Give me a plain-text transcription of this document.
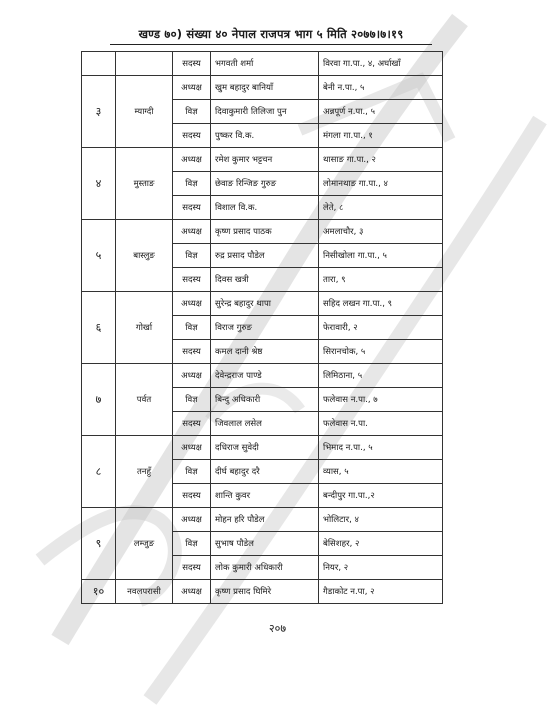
खण्ड ७०) संख्या ४० नेपाल राजपत्र भाग ५ मिति २०७७।७।१९
		सदस्य	भगवती शर्मा	विरवा गा.पा., ४, अर्घाखाँ
३	म्याग्दी	अध्यक्ष	खुम बहादुर बानियाँ	बेनी न.पा., ५
		विज्ञ	दिवाकुमारी तिलिजा पुन	अन्नपूर्ण न.पा., ५
		सदस्य	पुष्कर वि.क.	मंगला गा.पा., १
४	मुस्ताङ	अध्यक्ष	रमेश कुमार भट्टचन	थासाङ गा.पा., २
		विज्ञ	छेवाङ रिन्जिङ गुरुङ	लोमानथाङ गा.पा., ४
		सदस्य	विशाल वि.क.	लेते, ८
५	बास्लुङ	अध्यक्ष	कृष्ण प्रसाद पाठक	अमलाचौर, ३
		विज्ञ	रुद्र प्रसाद पौडेल	निसीखोला गा.पा., ५
		सदस्य	दिवस खत्री	तारा, ९
६	गोर्खा	अध्यक्ष	सुरेन्द्र बहादुर थापा	सहिद लखन गा.पा., ९
		विज्ञ	विराज गुरुङ	फेरावारी, २
		सदस्य	कमल दानी श्रेष्ठ	सिरानचोक, ५
७	पर्वत	अध्यक्ष	देवेन्द्रराज पाण्डे	लिमिठाना, ५
		विज्ञ	बिन्दु अधिकारी	फलेवास न.पा., ७
		सदस्य	जिवलाल लसेल	फलेवास न.पा.
८	तनहुँ	अध्यक्ष	दधिराज सुवेदी	भिमाद न.पा., ५
		विज्ञ	दीर्घ बहादुर दरै	व्यास, ५
		सदस्य	शान्ति कुवर	बन्दीपुर गा.पा.,२
९	लम्जुङ	अध्यक्ष	मोहन हरि पौडेल	भोलिटार, ४
		विज्ञ	सुभाष पौडेल	बेसिशहर, २
		सदस्य	लोक कुमारी अधिकारी	नियर, २
१०	नवलपरासी	अध्यक्ष	कृष्ण प्रसाद घिमिरे	गैडाकोट न.पा, २
२०७
